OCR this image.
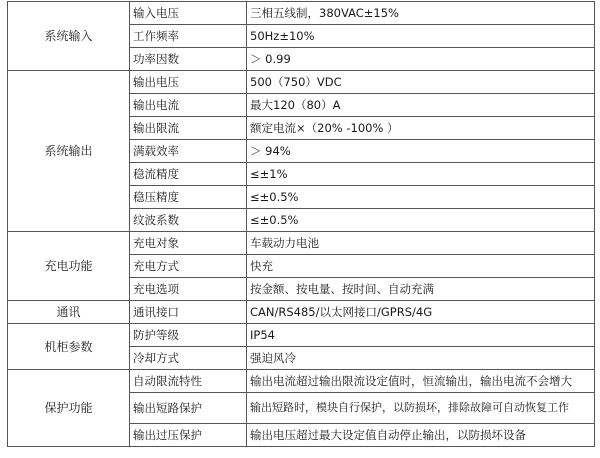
系统输入	输入电压	三相五线制，380VAC±15%
	工作频率	50Hz±10%
	功率因数	＞ 0.99
系统输出	输出电压	500（750）VDC
	输出电流	最大120（80）A
	输出限流	额定电流×（20% -100% ）
	满载效率	＞ 94%
	稳流精度	≤±1%
	稳压精度	≤±0.5%
	纹波系数	≤±0.5%
充电功能	充电对象	车载动力电池
	充电方式	快充
	充电选项	按金额、按电量、按时间、自动充满
通讯	通讯接口	CAN/RS485/以太网接口/GPRS/4G
机柜参数	防护等级	IP54
	冷却方式	强迫风冷
保护功能	自动限流特性	输出电流超过输出限流设定值时，恒流输出，输出电流不会增大
	输出短路保护	输出短路时，模块自行保护，以防损坏，排除故障可自动恢复工作
	输出过压保护	输出电压超过最大设定值自动停止输出，以防损坏设备
